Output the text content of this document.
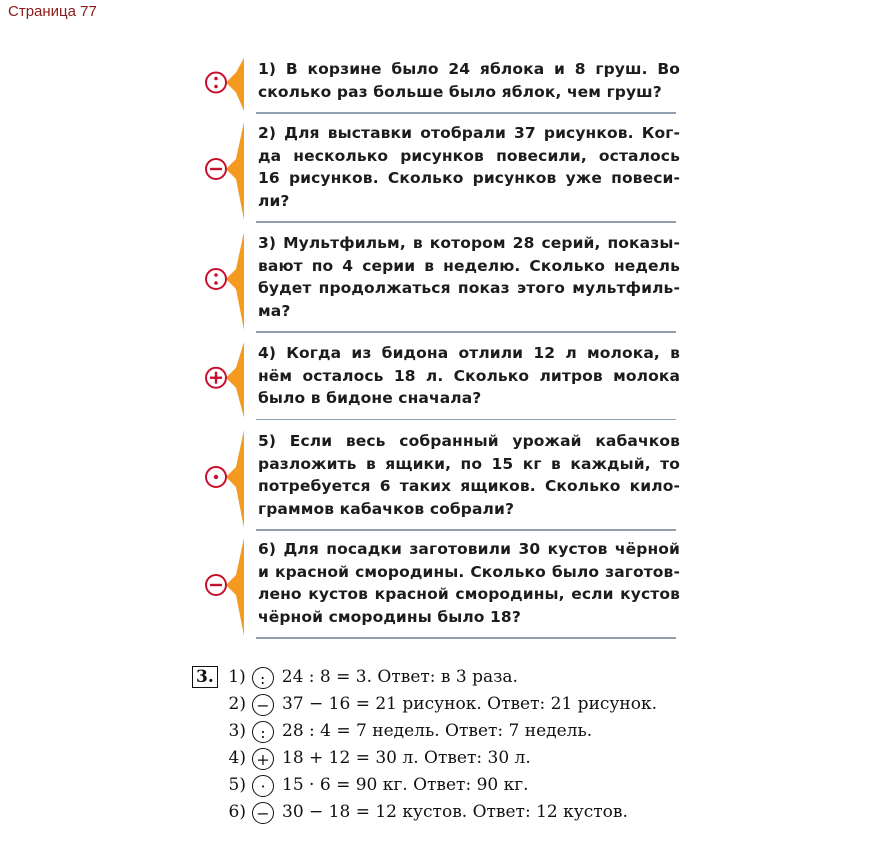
Страница 77
1) В корзине было 24 яблока и 8 груш. Во
сколько раз больше было яблок, чем груш?
2) Для выставки отобрали 37 рисунков. Ког-
да несколько рисунков повесили, осталось
16 рисунков. Сколько рисунков уже повеси-
ли?
3) Мультфильм, в котором 28 серий, показы-
вают по 4 серии в неделю. Сколько недель
будет продолжаться показ этого мультфиль-
ма?
4) Когда из бидона отлили 12 л молока, в
нём осталось 18 л. Сколько литров молока
было в бидоне сначала?
5) Если весь собранный урожай кабачков
разложить в ящики, по 15 кг в каждый, то
потребуется 6 таких ящиков. Сколько кило-
граммов кабачков собрали?
6) Для посадки заготовили 30 кустов чёрной
и красной смородины. Сколько было заготов-
лено кустов красной смородины, если кустов
чёрной смородины было 18?
3. 1) : 24 : 8 = 3. Ответ: в 3 раза.
2) − 37 − 16 = 21 рисунок. Ответ: 21 рисунок.
3) : 28 : 4 = 7 недель. Ответ: 7 недель.
4) + 18 + 12 = 30 л. Ответ: 30 л.
5) · 15 · 6 = 90 кг. Ответ: 90 кг.
6) − 30 − 18 = 12 кустов. Ответ: 12 кустов.
